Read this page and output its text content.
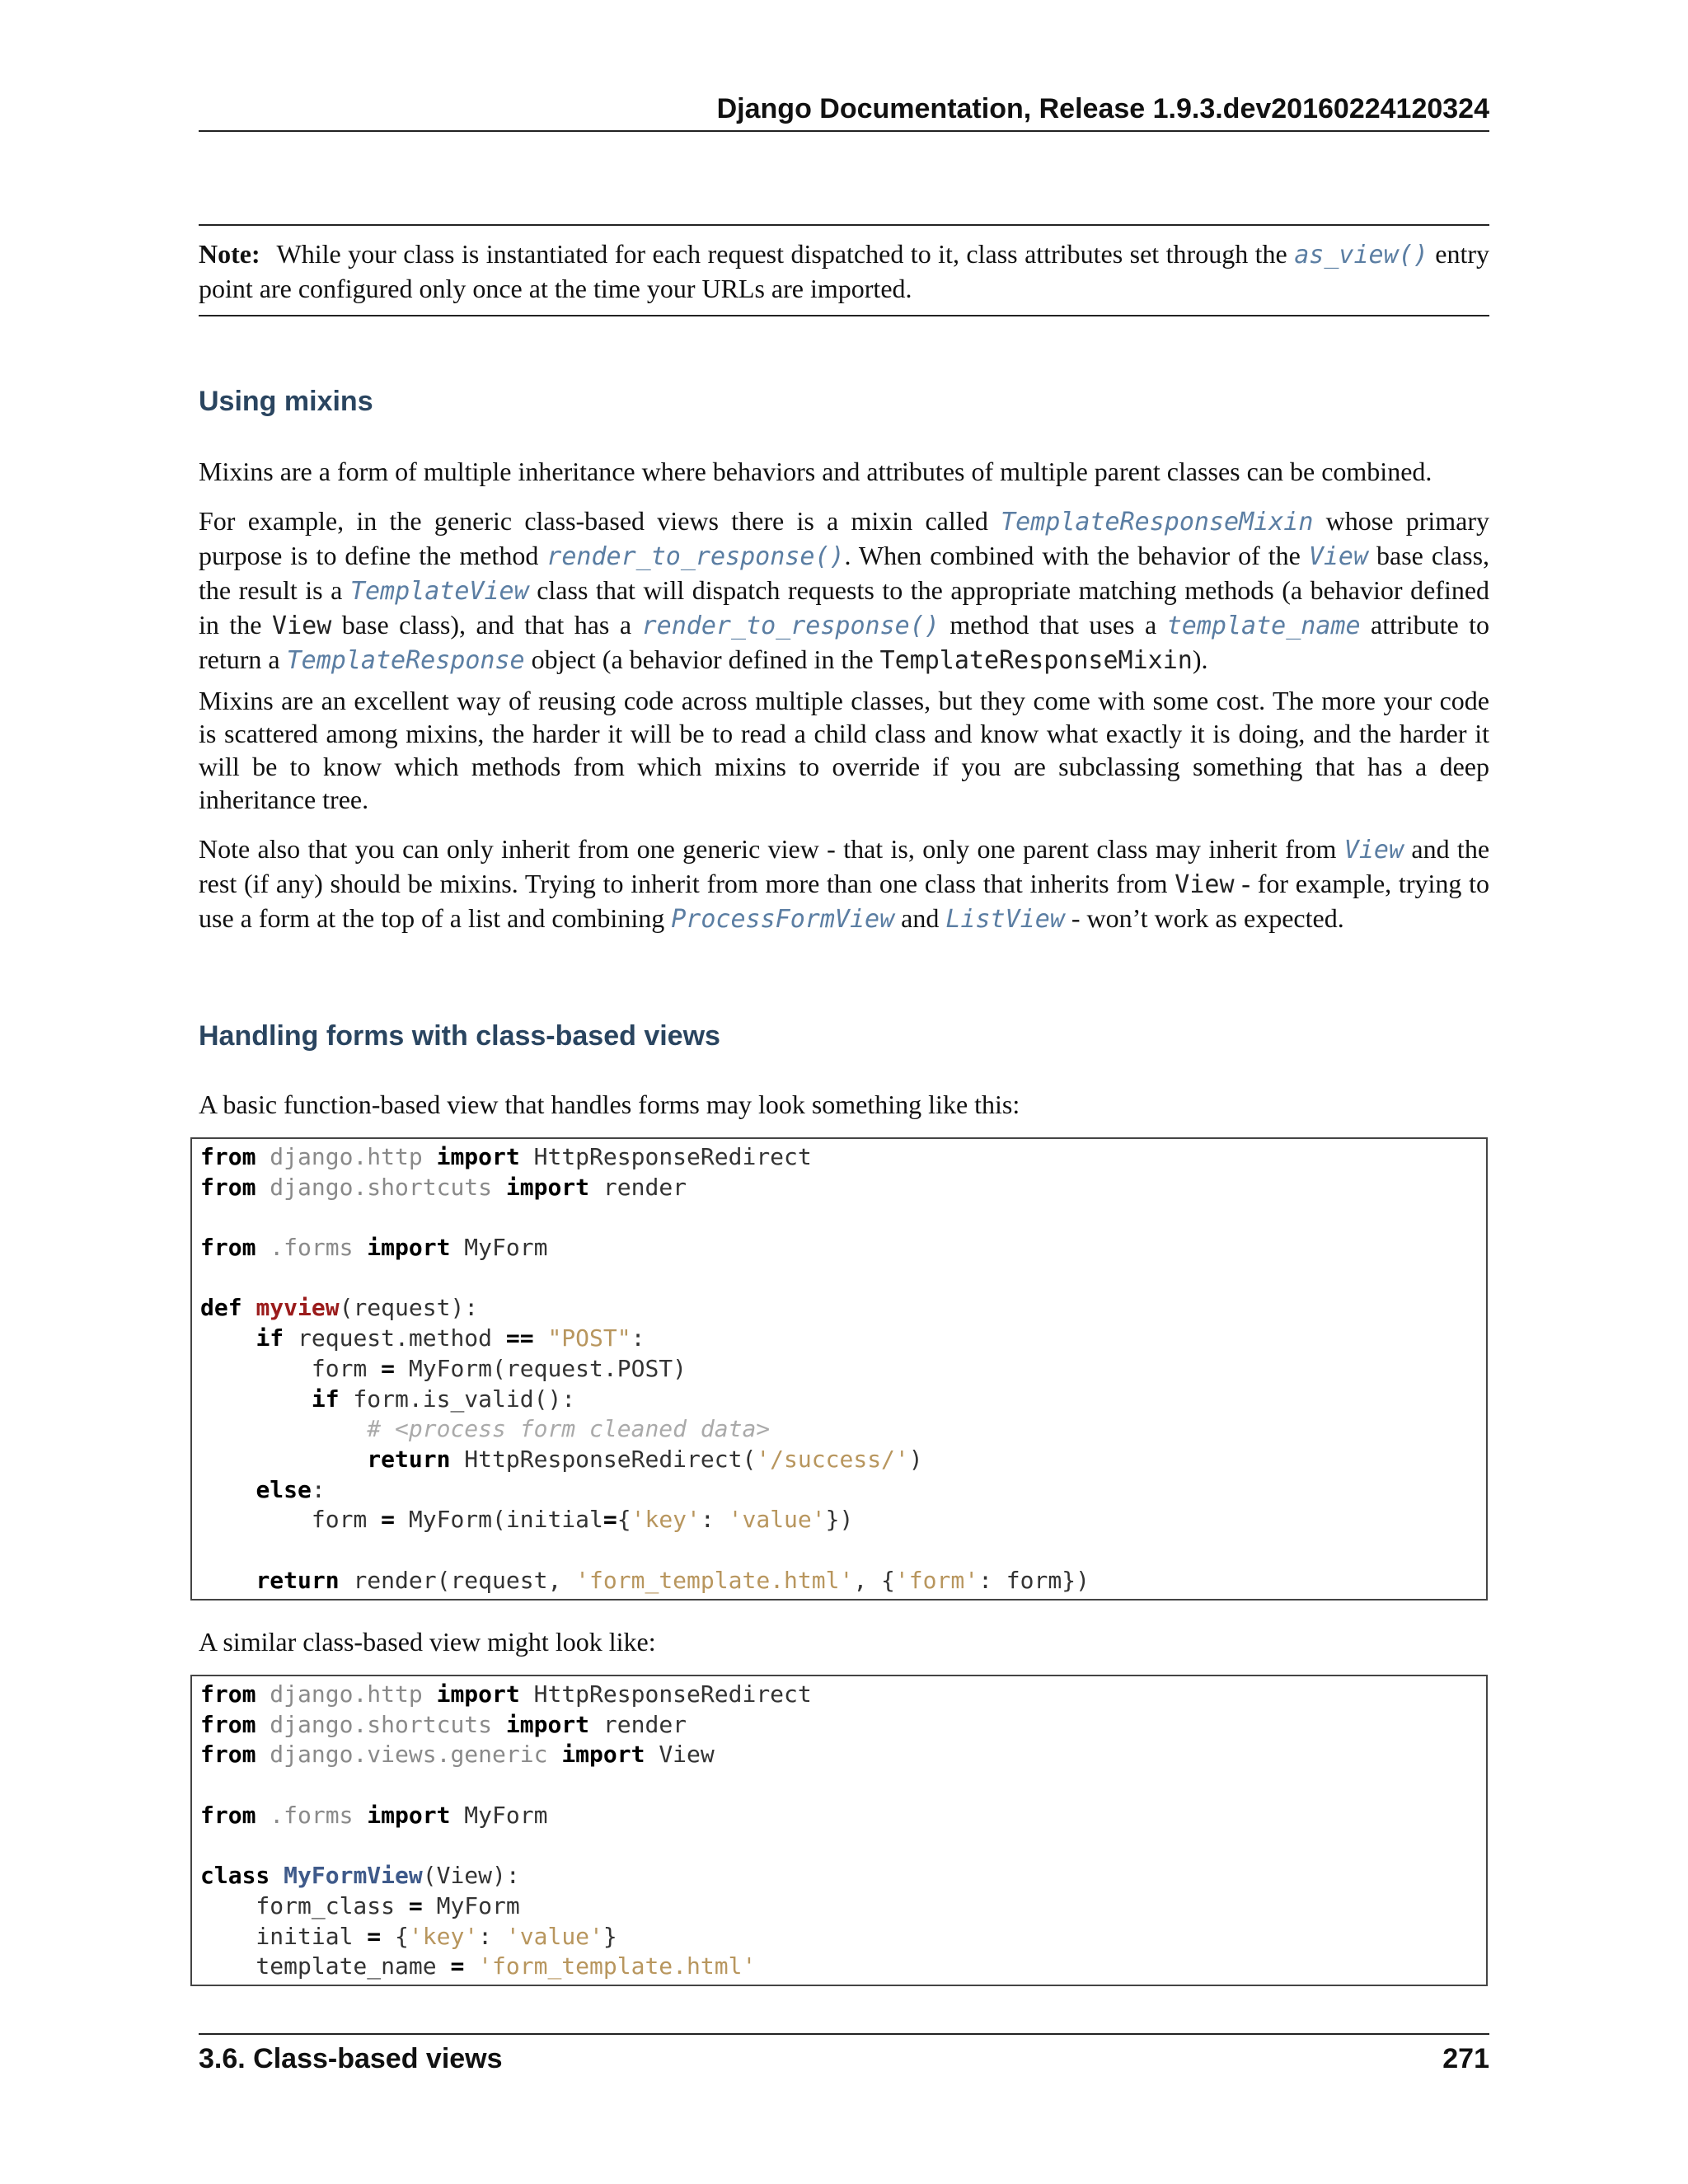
Django Documentation, Release 1.9.3.dev20160224120324
Note: While your class is instantiated for each request dispatched to it, class attributes set through the as_view() entry point are configured only once at the time your URLs are imported.
Using mixins

Mixins are a form of multiple inheritance where behaviors and attributes of multiple parent classes can be combined.

For example, in the generic class-based views there is a mixin called TemplateResponseMixin whose primary purpose is to define the method render_to_response(). When combined with the behavior of the View base class, the result is a TemplateView class that will dispatch requests to the appropriate matching methods (a behavior defined in the View base class), and that has a render_to_response() method that uses a template_name attribute to return a TemplateResponse object (a behavior defined in the TemplateResponseMixin).

Mixins are an excellent way of reusing code across multiple classes, but they come with some cost. The more your code is scattered among mixins, the harder it will be to read a child class and know what exactly it is doing, and the harder it will be to know which methods from which mixins to override if you are subclassing something that has a deep inheritance tree.

Note also that you can only inherit from one generic view - that is, only one parent class may inherit from View and the rest (if any) should be mixins. Trying to inherit from more than one class that inherits from View - for example, trying to use a form at the top of a list and combining ProcessFormView and ListView - won’t work as expected.

Handling forms with class-based views

A basic function-based view that handles forms may look something like this:

from django.http import HttpResponseRedirect
from django.shortcuts import render
from .forms import MyForm
def myview(request):
if request.method == "POST":
form = MyForm(request.POST)
if form.is_valid():
# <process form cleaned data>
return HttpResponseRedirect('/success/')
else:
form = MyForm(initial={'key': 'value'})
return render(request, 'form_template.html', {'form': form})

A similar class-based view might look like:

from django.http import HttpResponseRedirect
from django.shortcuts import render
from django.views.generic import View
from .forms import MyForm
class MyFormView(View):
form_class = MyForm
initial = {'key': 'value'}
template_name = 'form_template.html'
3.6. Class-based views	271
